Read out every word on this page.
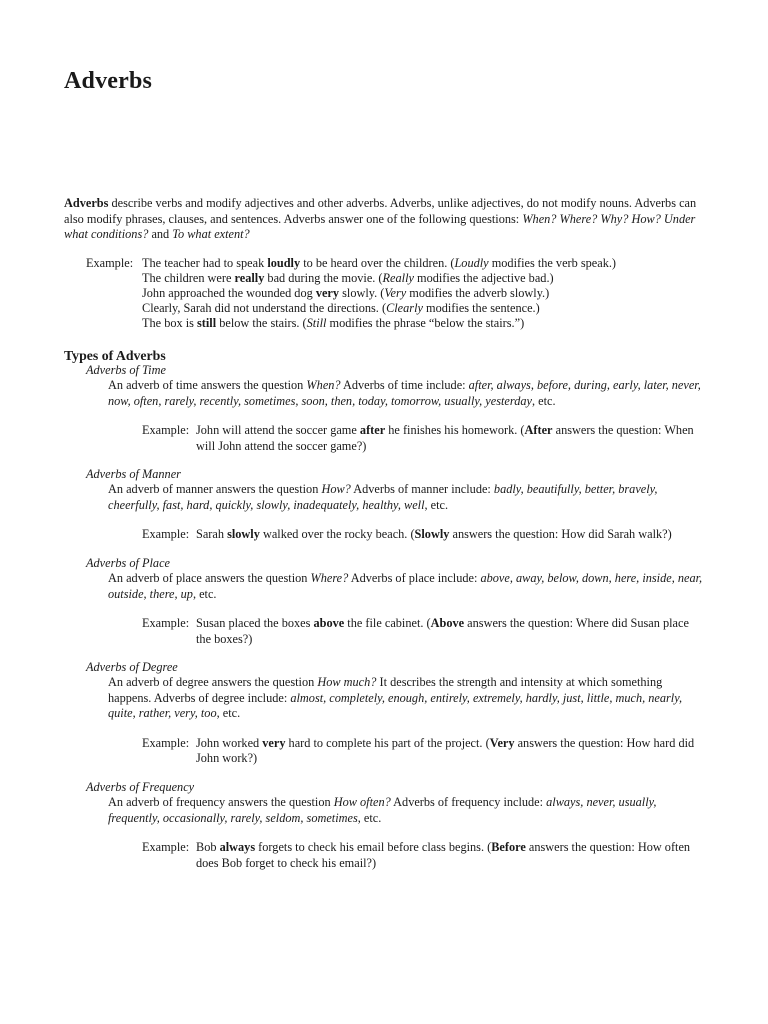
Adverbs

Adverbs describe verbs and modify adjectives and other adverbs. Adverbs, unlike adjectives, do not modify nouns. Adverbs can also modify phrases, clauses, and sentences. Adverbs answer one of the following questions: When? Where? Why? How? Under what conditions? and To what extent?

Example: The teacher had to speak loudly to be heard over the children. (Loudly modifies the verb speak.)
The children were really bad during the movie. (Really modifies the adjective bad.)
John approached the wounded dog very slowly. (Very modifies the adverb slowly.)
Clearly, Sarah did not understand the directions. (Clearly modifies the sentence.)
The box is still below the stairs. (Still modifies the phrase “below the stairs.”)
Types of Adverbs

Adverbs of Time

An adverb of time answers the question When? Adverbs of time include: after, always, before, during, early, later, never, now, often, rarely, recently, sometimes, soon, then, today, tomorrow, usually, yesterday, etc.

Example: John will attend the soccer game after he finishes his homework. (After answers the question: When will John attend the soccer game?)

Adverbs of Manner

An adverb of manner answers the question How? Adverbs of manner include: badly, beautifully, better, bravely, cheerfully, fast, hard, quickly, slowly, inadequately, healthy, well, etc.

Example: Sarah slowly walked over the rocky beach. (Slowly answers the question: How did Sarah walk?)

Adverbs of Place

An adverb of place answers the question Where? Adverbs of place include: above, away, below, down, here, inside, near, outside, there, up, etc.

Example: Susan placed the boxes above the file cabinet. (Above answers the question: Where did Susan place the boxes?)

Adverbs of Degree

An adverb of degree answers the question How much? It describes the strength and intensity at which something happens. Adverbs of degree include: almost, completely, enough, entirely, extremely, hardly, just, little, much, nearly, quite, rather, very, too, etc.

Example: John worked very hard to complete his part of the project. (Very answers the question: How hard did John work?)

Adverbs of Frequency

An adverb of frequency answers the question How often? Adverbs of frequency include: always, never, usually, frequently, occasionally, rarely, seldom, sometimes, etc.

Example: Bob always forgets to check his email before class begins. (Before answers the question: How often does Bob forget to check his email?)
